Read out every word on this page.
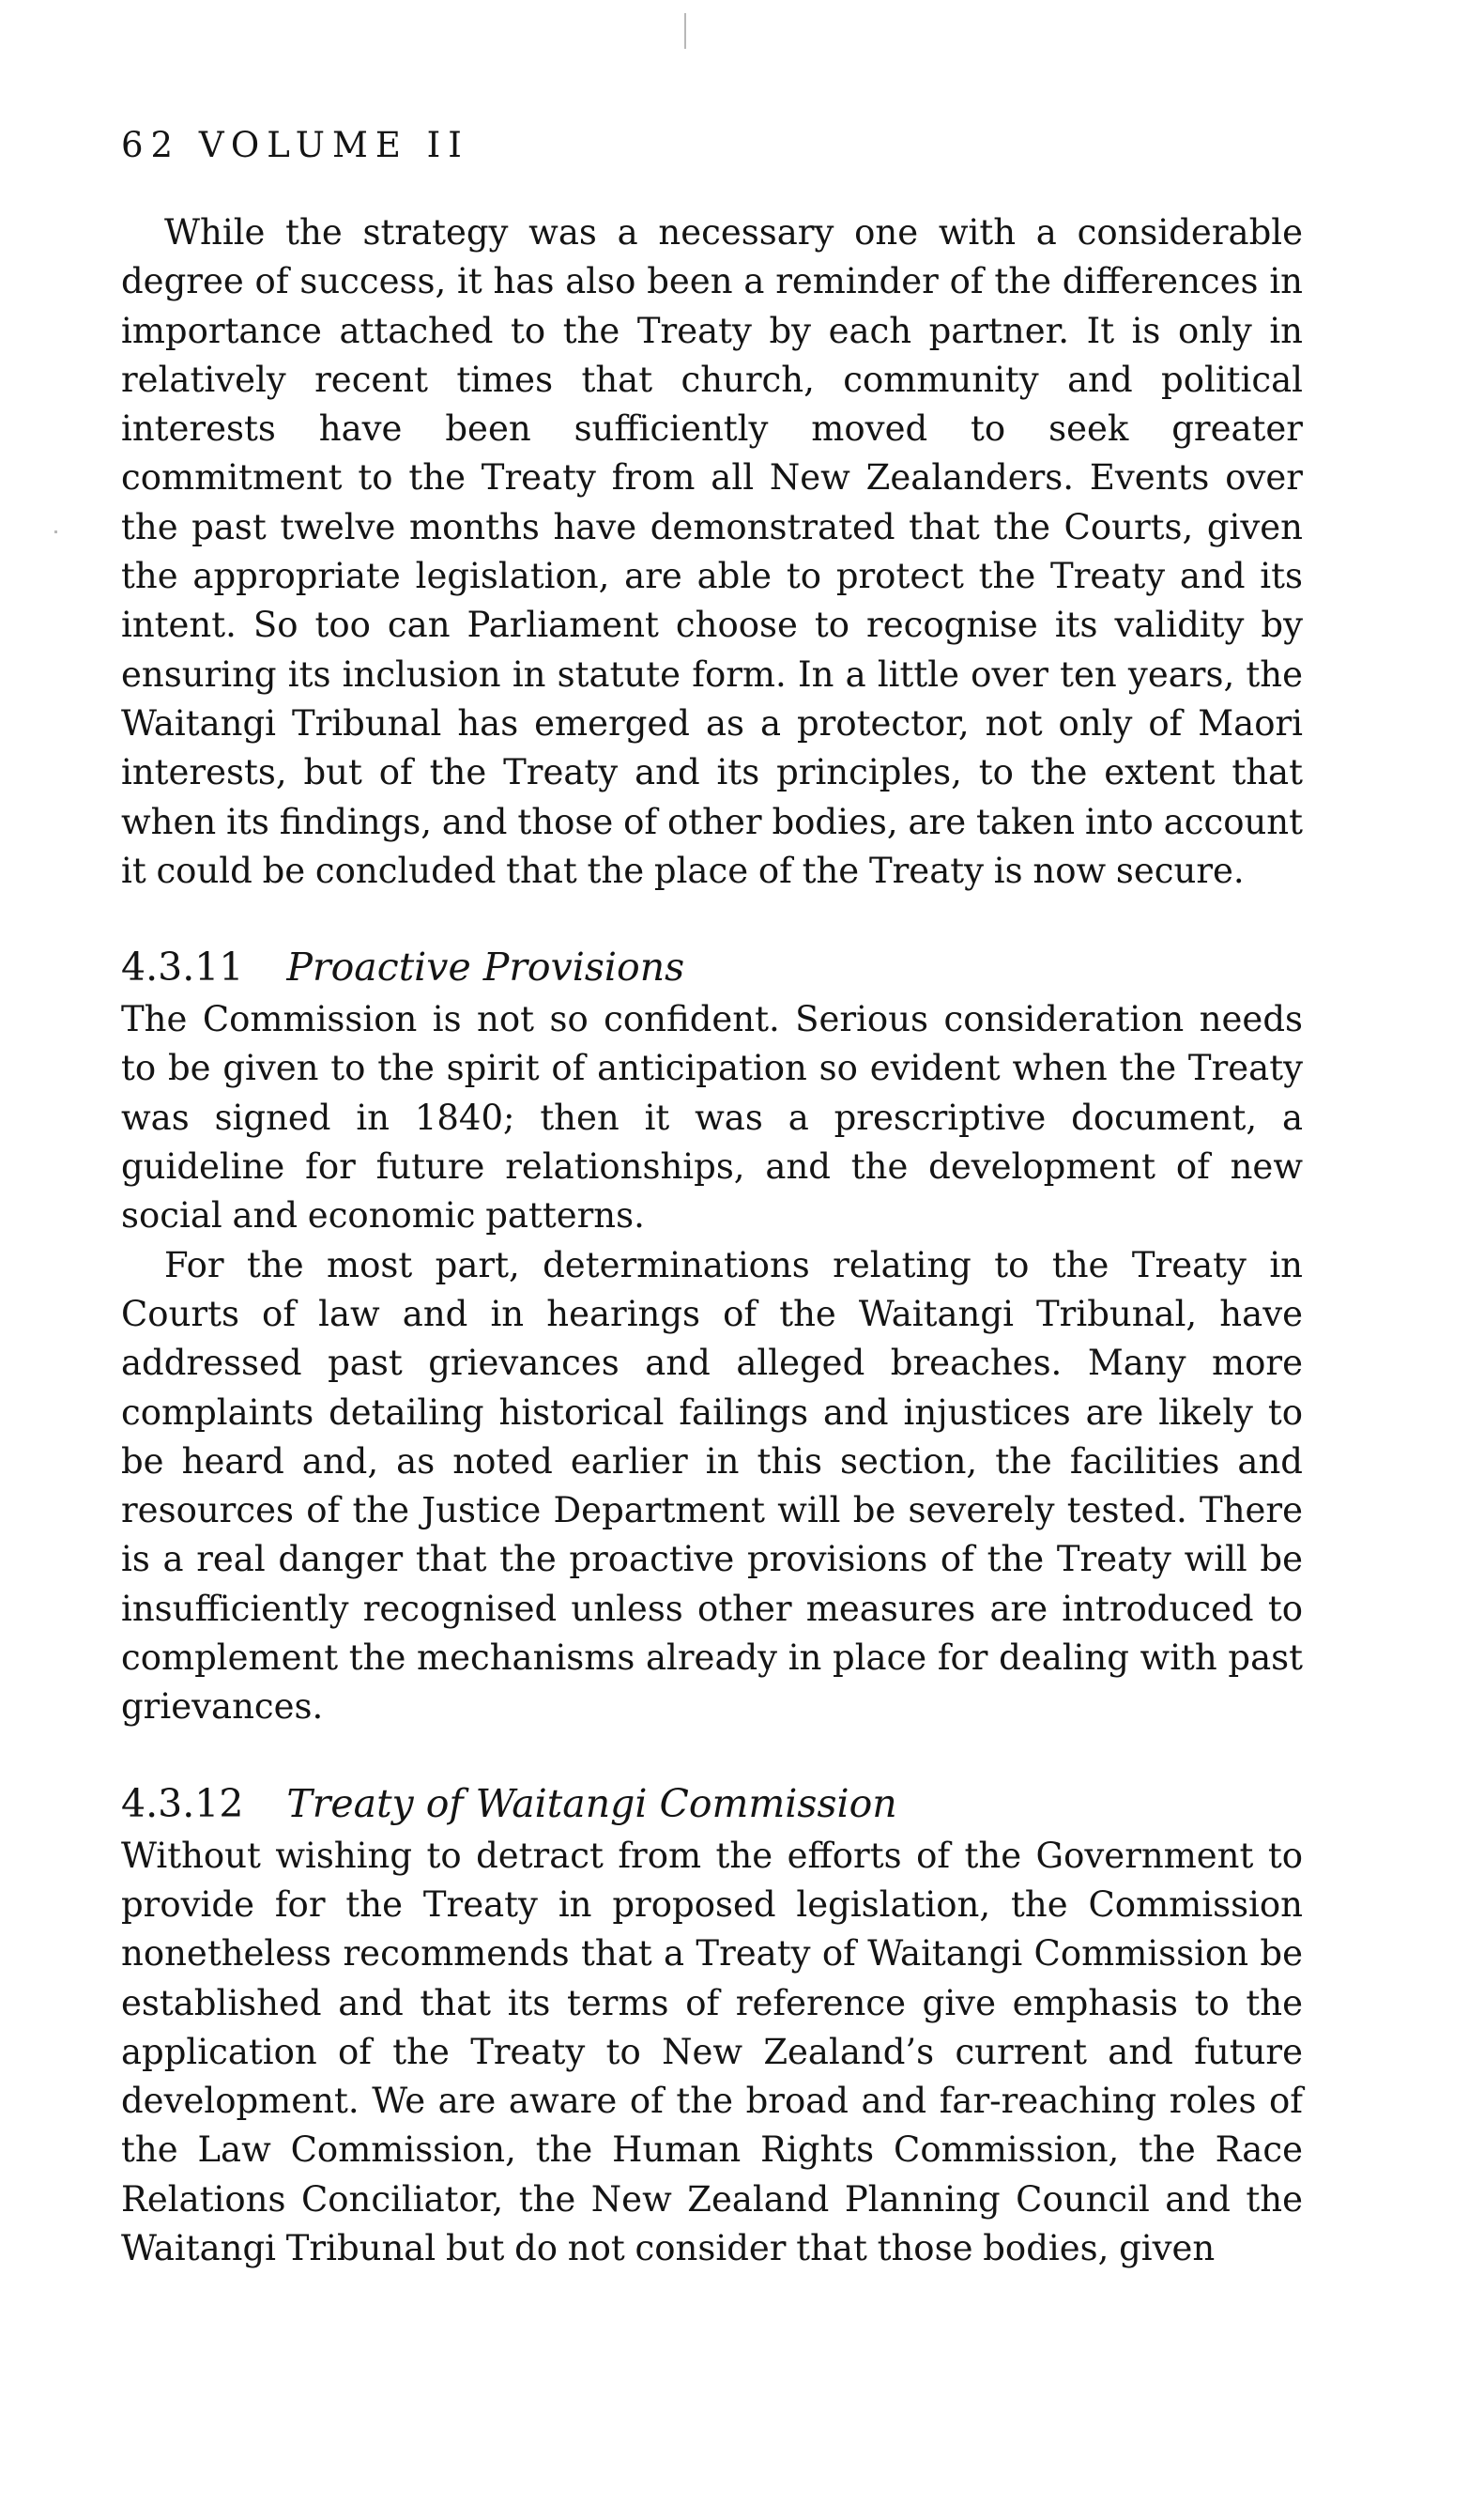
62 VOLUME II

While the strategy was a necessary one with a considerable degree of success, it has also been a reminder of the differences in importance attached to the Treaty by each partner. It is only in relatively recent times that church, community and political interests have been sufficiently moved to seek greater commitment to the Treaty from all New Zealanders. Events over the past twelve months have demonstrated that the Courts, given the appropriate legislation, are able to protect the Treaty and its intent. So too can Parliament choose to recognise its validity by ensuring its inclusion in statute form. In a little over ten years, the Waitangi Tribunal has emerged as a protector, not only of Maori interests, but of the Treaty and its principles, to the extent that when its findings, and those of other bodies, are taken into account it could be concluded that the place of the Treaty is now secure.

4.3.11 Proactive Provisions

The Commission is not so confident. Serious consideration needs to be given to the spirit of anticipation so evident when the Treaty was signed in 1840; then it was a prescriptive document, a guideline for future relationships, and the development of new social and economic patterns.

For the most part, determinations relating to the Treaty in Courts of law and in hearings of the Waitangi Tribunal, have addressed past grievances and alleged breaches. Many more complaints detailing historical failings and injustices are likely to be heard and, as noted earlier in this section, the facilities and resources of the Justice Department will be severely tested. There is a real danger that the proactive provisions of the Treaty will be insufficiently recognised unless other measures are introduced to complement the mechanisms already in place for dealing with past grievances.

4.3.12 Treaty of Waitangi Commission

Without wishing to detract from the efforts of the Government to provide for the Treaty in proposed legislation, the Commission nonetheless recommends that a Treaty of Waitangi Commission be established and that its terms of reference give emphasis to the application of the Treaty to New Zealand’s current and future development. We are aware of the broad and far-reaching roles of the Law Commission, the Human Rights Commission, the Race Relations Conciliator, the New Zealand Planning Council and the Waitangi Tribunal but do not consider that those bodies, given
